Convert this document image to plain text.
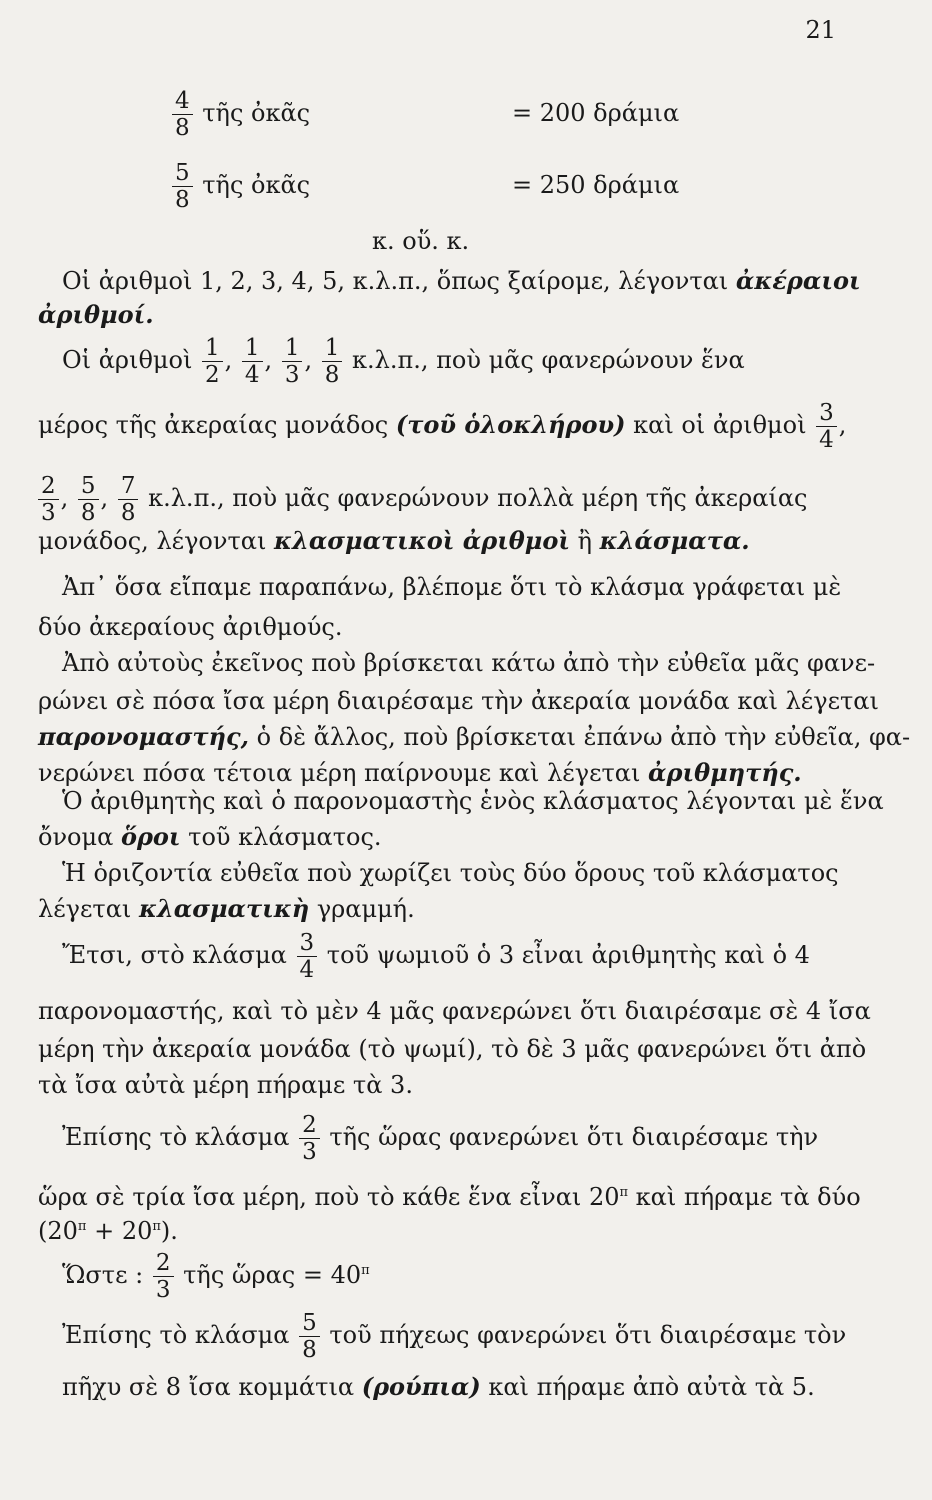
21
$\frac{4}{8}$ τῆς ὀκᾶς	= 200 δράμια
$\frac{5}{8}$ τῆς ὀκᾶς	= 250 δράμια
κ. οὕ. κ.
Οἱ ἀριθμοὶ 1, 2, 3, 4, 5, κ.λ.π., ὅπως ξαίρομε, λέγονται ἀκέραιοι
ἀριθμοί.
Οἱ ἀριθμοὶ $\frac{1}{2}$ , $\frac{1}{4}$ , $\frac{1}{3}$ , $\frac{1}{8} \kappa.\lambda.\pi$., ποὺ μᾶς φανερώνουν ἕνα
μέρος τῆς ἀκεραίας μονάδος (τοῦ ὁλοκλήρου) καὶ οἱ ἀριθμοὶ $\frac{3}{4}$ ,
$\frac{2}{3}$ , $\frac{5}{8}$ , $\frac{7}{8} \kappa.\lambda.\pi$., ποὺ μᾶς φανερώνουν πολλὰ μέρη τῆς ἀκεραίας
μονάδος, λέγονται κλασματικοὶ ἀριθμοὶ ἢ κλάσματα.
Ἀπ᾽ ὅσα εἴπαμε παραπάνω, βλέπομε ὅτι τὸ κλάσμα γράφεται μὲ
δύο ἀκεραίους ἀριθμούς.
Ἀπὸ αὐτοὺς ἐκεῖνος ποὺ βρίσκεται κάτω ἀπὸ τὴν εὐθεῖα μᾶς φανε-
ρώνει σὲ πόσα ἴσα μέρη διαιρέσαμε τὴν ἀκεραία μονάδα καὶ λέγεται
παρονομαστής, ὁ δὲ ἄλλος, ποὺ βρίσκεται ἐπάνω ἀπὸ τὴν εὐθεῖα, φα-
νερώνει πόσα τέτοια μέρη παίρνουμε καὶ λέγεται ἀριθμητής.
Ὁ ἀριθμητὴς καὶ ὁ παρονομαστὴς ἑνὸς κλάσματος λέγονται μὲ ἕνα
ὄνομα ὅροι τοῦ κλάσματος.
Ἡ ὁριζοντία εὐθεῖα ποὺ χωρίζει τοὺς δύο ὅρους τοῦ κλάσματος
λέγεται κλασματικὴ γραμμή.
Ἔτσι, στὸ κλάσμα $\frac{3}{4}$ τοῦ ψωμιοῦ ὁ 3 εἶναι ἀριθμητὴς καὶ ὁ 4
παρονομαστής, καὶ τὸ μὲν 4 μᾶς φανερώνει ὅτι διαιρέσαμε σὲ 4 ἴσα
μέρη τὴν ἀκεραία μονάδα (τὸ ψωμί), τὸ δὲ 3 μᾶς φανερώνει ὅτι ἀπὸ
τὰ ἴσα αὐτὰ μέρη πήραμε τὰ 3.
Ἐπίσης τὸ κλάσμα $\frac{2}{3}$ τῆς ὥρας φανερώνει ὅτι διαιρέσαμε τὴν
ὥρα σὲ τρία ἴσα μέρη, ποὺ τὸ κάθε ἕνα εἶναι $20^\pi$ καὶ πήραμε τὰ δύο
$(20^\pi + 20^\pi)$.
Ὥστε : $\frac{2}{3}$ τῆς ὥρας = $40^\pi$
Ἐπίσης τὸ κλάσμα $\frac{5}{8}$ τοῦ πήχεως φανερώνει ὅτι διαιρέσαμε τὸν
πῆχυ σὲ 8 ἴσα κομμάτια (ρούπια) καὶ πήραμε ἀπὸ αὐτὰ τὰ 5.
